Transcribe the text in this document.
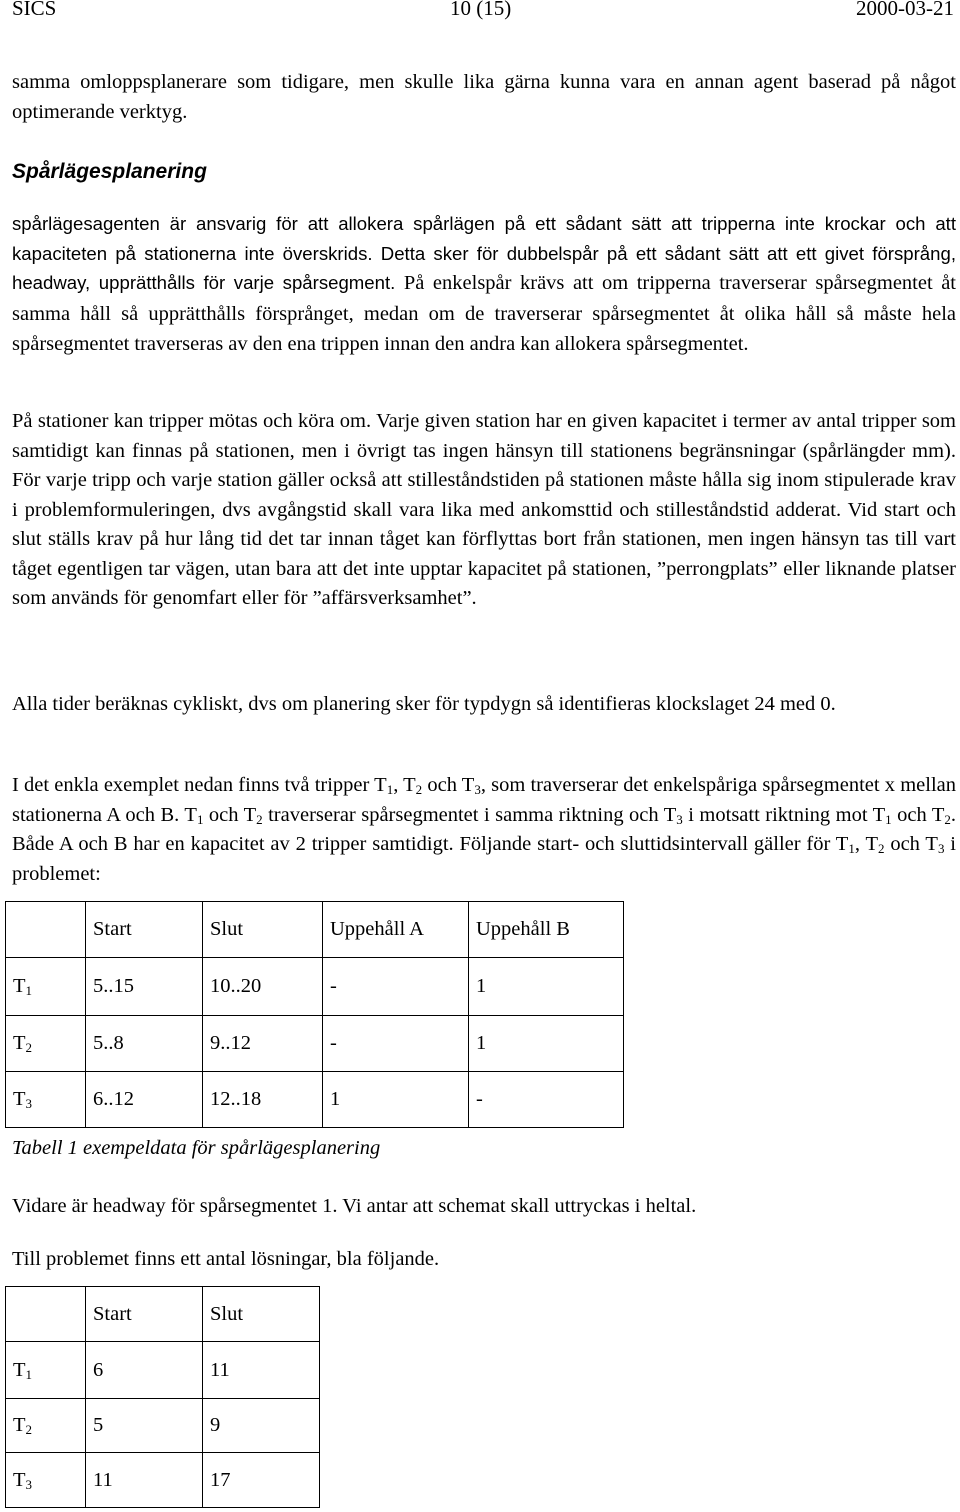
SICS	10 (15)	2000-03-21

samma omloppsplanerare som tidigare, men skulle lika gärna kunna vara en annan agent baserad på något optimerande verktyg.

Spårlägesplanering

spårlägesagenten är ansvarig för att allokera spårlägen på ett sådant sätt att tripperna inte krockar och att kapaciteten på stationerna inte överskrids. Detta sker för dubbelspår på ett sådant sätt att ett givet försprång, headway, upprätthålls för varje spårsegment. På enkelspår krävs att om tripperna traverserar spårsegmentet åt samma håll så upprätthålls försprånget, medan om de traverserar spårsegmentet åt olika håll så måste hela spårsegmentet traverseras av den ena trippen innan den andra kan allokera spårsegmentet.

På stationer kan tripper mötas och köra om. Varje given station har en given kapacitet i termer av antal tripper som samtidigt kan finnas på stationen, men i övrigt tas ingen hänsyn till stationens begränsningar (spårlängder mm). För varje tripp och varje station gäller också att stilleståndstiden på stationen måste hålla sig inom stipulerade krav i problemformuleringen, dvs avgångstid skall vara lika med ankomsttid och stilleståndstid adderat. Vid start och slut ställs krav på hur lång tid det tar innan tåget kan förflyttas bort från stationen, men ingen hänsyn tas till vart tåget egentligen tar vägen, utan bara att det inte upptar kapacitet på stationen, ”perrongplats” eller liknande platser som används för genomfart eller för ”affärsverksamhet”.

Alla tider beräknas cykliskt, dvs om planering sker för typdygn så identifieras klockslaget 24 med 0.

I det enkla exemplet nedan finns två tripper $T_1$, $T_2$ och $T_3$, som traverserar det enkelspåriga spårsegmentet x mellan stationerna A och B. $T_1$ och $T_2$ traverserar spårsegmentet i samma riktning och $T_3$ i motsatt riktning mot $T_1$ och $T_2$. Både A och B har en kapacitet av 2 tripper samtidigt. Följande start- och sluttidsintervall gäller för $T_1$, $T_2$ och $T_3$ i problemet:

	Start	Slut	Uppehåll A	Uppehåll B
$T_1$	5..15	10..20	-	1
$T_2$	5..8	9..12	-	1
$T_3$	6..12	12..18	1	-

Tabell 1 exempeldata för spårlägesplanering

Vidare är headway för spårsegmentet 1. Vi antar att schemat skall uttryckas i heltal.

Till problemet finns ett antal lösningar, bla följande.

	Start	Slut
$T_1$	6	11
$T_2$	5	9
$T_3$	11	17
